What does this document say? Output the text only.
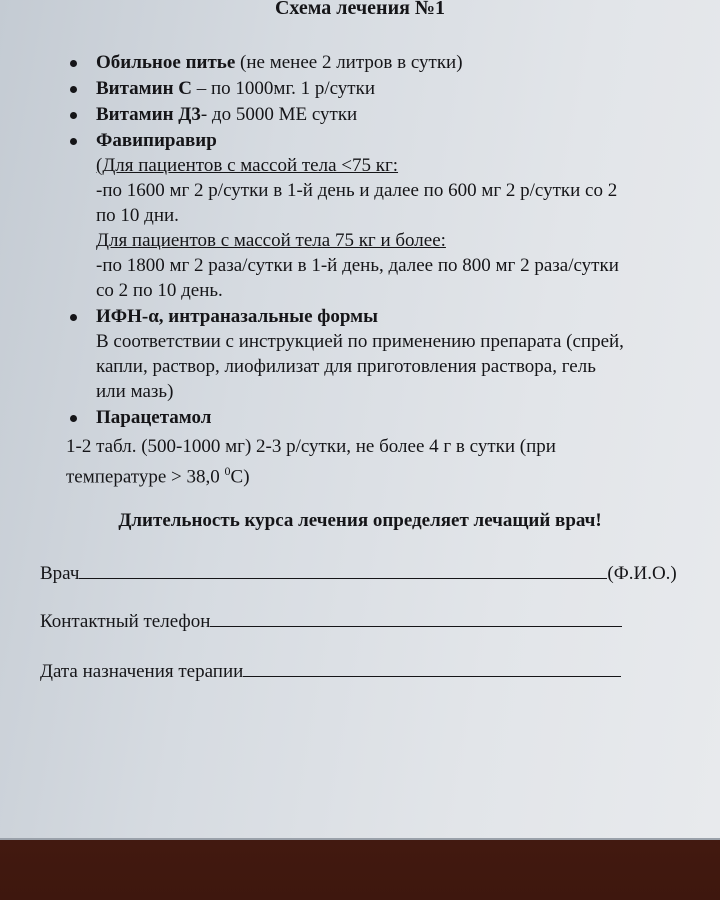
Схема лечения №1
Обильное питье (не менее 2 литров в сутки)
Витамин С – по 1000мг. 1 р/сутки
Витамин Д3- до 5000 МЕ сутки
Фавипиравир
(Для пациентов с массой тела <75 кг:
-по 1600 мг 2 р/сутки в 1-й день и далее по 600 мг 2 р/сутки со 2
по 10 дни.
Для пациентов с массой тела 75 кг и более:
-по 1800 мг 2 раза/сутки в 1-й день, далее по 800 мг 2 раза/сутки
со 2 по 10 день.
ИФН-α, интраназальные формы
В соответствии с инструкцией по применению препарата (спрей,
капли, раствор, лиофилизат для приготовления раствора, гель
или мазь)
Парацетамол
1-2 табл. (500-1000 мг) 2-3 р/сутки, не более 4 г в сутки (при
температуре > 38,0 $^0$С)
Длительность курса лечения определяет лечащий врач!
Врач	(Ф.И.О.)
Контактный телефон
Дата назначения терапии
